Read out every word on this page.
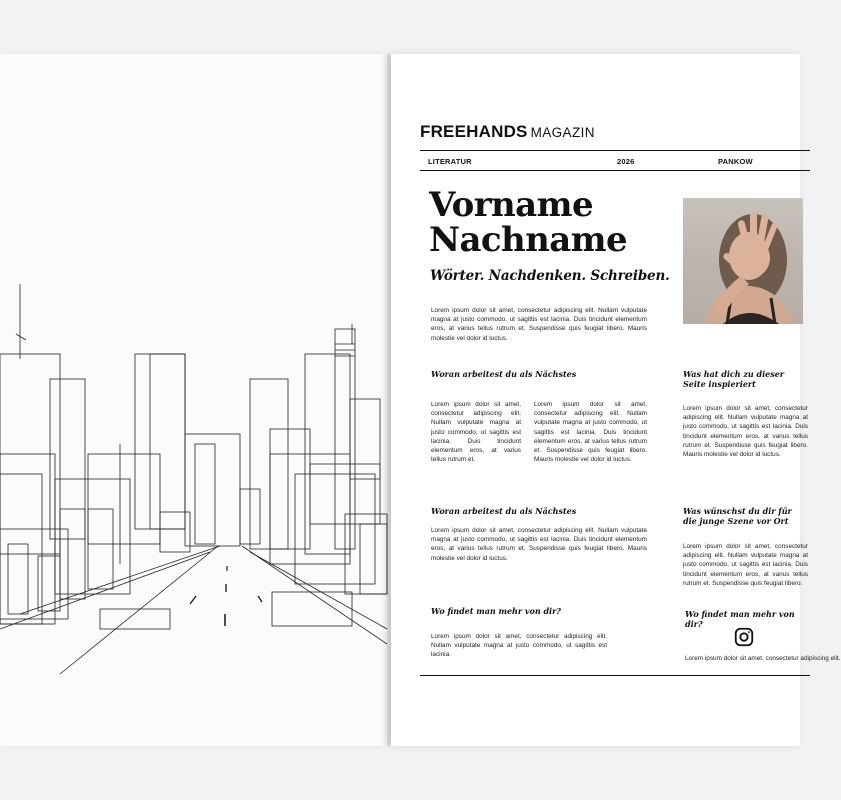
FREEHANDS MAGAZIN
LITERATUR	2026	PANKOW
Vorname
Nachname
Wörter. Nachdenken. Schreiben.
Lorem ipsum dolor sit amet, consectetur adipiscing elit. Nullam vulputate magna at justo commodo, ut sagittis est lacinia. Duis tincidunt elementum eros, at varius tellus rutrum et. Suspendisse quis feugiat libero. Mauris molestie vel dolor id luctus.
Woran arbeitest du als Nächstes
Lorem ipsum dolor sit amet, consectetur adipiscing elit. Nullam vulputate magna at justo commodo, ut sagittis est lacinia. Duis tincidunt elementum eros, at varius tellus rutrum et.
Lorem ipsum dolor sit amet, consectetur adipiscing elit. Nullam vulputate magna at justo commodo, ut sagittis est lacinia. Duis tincidunt elementum eros, at varius tellus rutrum et. Suspendisse quis feugiat libero. Mauris molestie vel dolor id luctus.
Was hat dich zu dieser Seite inspieriert
Lorem ipsum dolor sit amet, consectetur adipiscing elit. Nullam vulputate magna at justo commodo, ut sagittis est lacinia. Duis tincidunt elementum eros, at varius tellus rutrum et. Suspendisse quis feugiat libero. Mauris molestie vel dolor id luctus.
Woran arbeitest du als Nächstes
Lorem ipsum dolor sit amet, consectetur adipiscing elit. Nullam vulputate magna at justo commodo, ut sagittis est lacinia. Duis tincidunt elementum eros, at varius tellus rutrum et. Suspendisse quis feugiat libero. Mauris molestie vel dolor id luctus.
Was wünschst du dir für die junge Szene vor Ort
Lorem ipsum dolor sit amet, consectetur adipiscing elit. Nullam vulputate magna at justo commodo, ut sagittis est lacinia. Duis tincidunt elementum eros, at varius tellus rutrum et. Suspendisse quis feugiat libero.
Wo findet man mehr von dir?
Lorem ipsum dolor sit amet, consectetur adipiscing elit. Nullam vulputate magna at justo commodo, ut sagittis est lacinia.
Wo findet man mehr von dir?
Lorem ipsum dolor sit amet, consectetur adipiscing elit.
